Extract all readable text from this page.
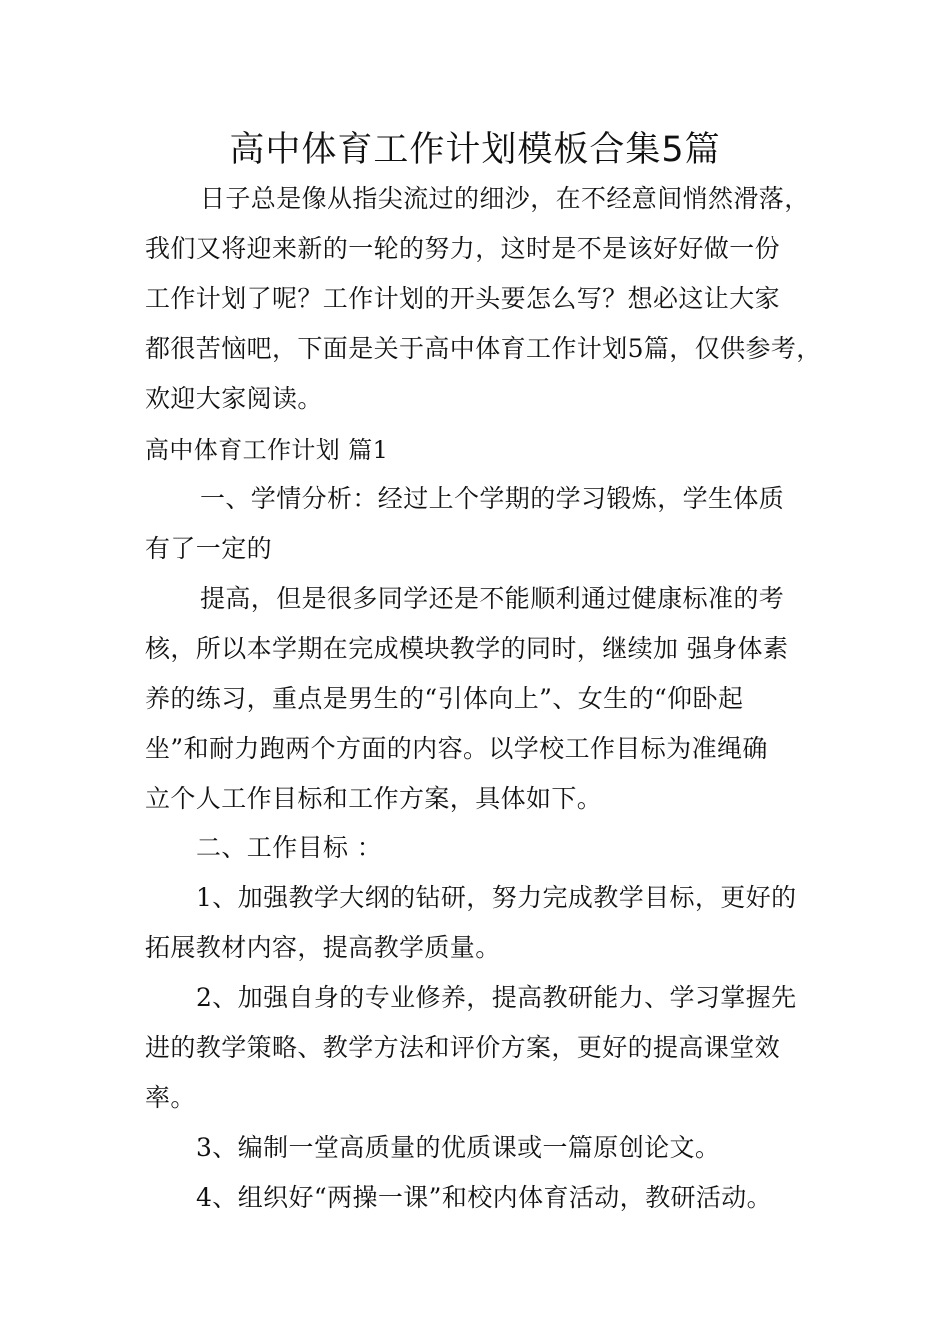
高中体育工作计划模板合集5篇
日子总是像从指尖流过的细沙，在不经意间悄然滑落，
我们又将迎来新的一轮的努力，这时是不是该好好做一份
工作计划了呢？工作计划的开头要怎么写？想必这让大家
都很苦恼吧，下面是关于高中体育工作计划5篇，仅供参考，
欢迎大家阅读。
高中体育工作计划 篇1
一、学情分析：经过上个学期的学习锻炼，学生体质
有了一定的
提高，但是很多同学还是不能顺利通过健康标准的考
核，所以本学期在完成模块教学的同时，继续加 强身体素
养的练习，重点是男生的“引体向上”、女生的“仰卧起
坐”和耐力跑两个方面的内容。以学校工作目标为准绳确
立个人工作目标和工作方案，具体如下。
二、工作目标 ：
1、加强教学大纲的钻研，努力完成教学目标，更好的
拓展教材内容，提高教学质量。
2、加强自身的专业修养，提高教研能力、学习掌握先
进的教学策略、教学方法和评价方案，更好的提高课堂效
率。
3、编制一堂高质量的优质课或一篇原创论文。
4、组织好“两操一课”和校内体育活动，教研活动。
